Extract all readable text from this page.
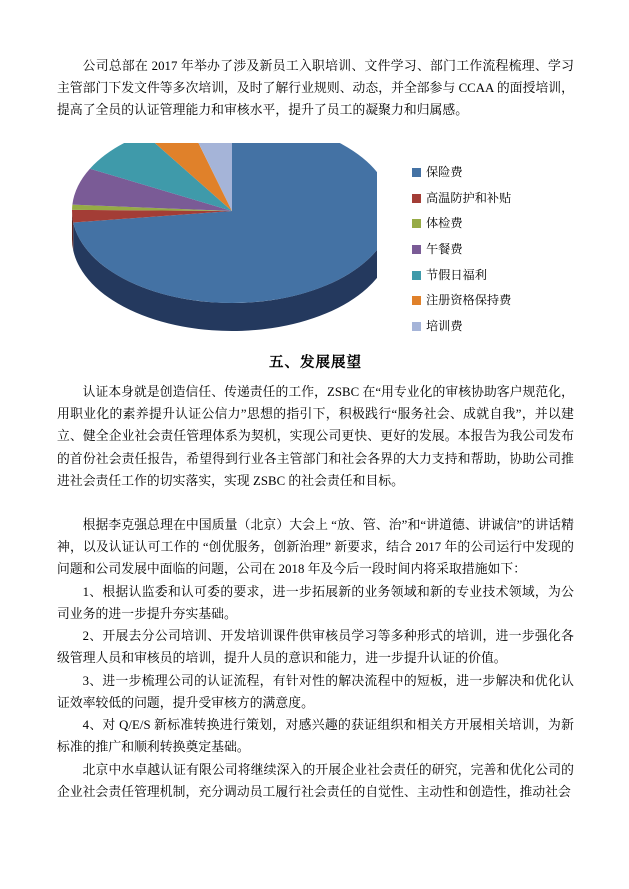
公司总部在 2017 年举办了涉及新员工入职培训、文件学习、部门工作流程梳理、学习主管部门下发文件等多次培训，及时了解行业规则、动态，并全部参与 CCAA 的面授培训，提高了全员的认证管理能力和审核水平，提升了员工的凝聚力和归属感。
保险费
高温防护和补贴
体检费
午餐费
节假日福利
注册资格保持费
培训费
五、发展展望
认证本身就是创造信任、传递责任的工作，ZSBC 在“用专业化的审核协助客户规范化，用职业化的素养提升认证公信力”思想的指引下，积极践行“服务社会、成就自我”，并以建立、健全企业社会责任管理体系为契机，实现公司更快、更好的发展。本报告为我公司发布的首份社会责任报告，希望得到行业各主管部门和社会各界的大力支持和帮助，协助公司推进社会责任工作的切实落实，实现 ZSBC 的社会责任和目标。
根据李克强总理在中国质量（北京）大会上 “放、管、治”和“讲道德、讲诚信”的讲话精神，以及认证认可工作的 “创优服务，创新治理” 新要求，结合 2017 年的公司运行中发现的问题和公司发展中面临的问题，公司在 2018 年及今后一段时间内将采取措施如下：
1、根据认监委和认可委的要求，进一步拓展新的业务领域和新的专业技术领域，为公司业务的进一步提升夯实基础。
2、开展去分公司培训、开发培训课件供审核员学习等多种形式的培训，进一步强化各级管理人员和审核员的培训，提升人员的意识和能力，进一步提升认证的价值。
3、进一步梳理公司的认证流程，有针对性的解决流程中的短板，进一步解决和优化认证效率较低的问题，提升受审核方的满意度。
4、对 Q/E/S 新标准转换进行策划，对感兴趣的获证组织和相关方开展相关培训，为新标准的推广和顺利转换奠定基础。
北京中水卓越认证有限公司将继续深入的开展企业社会责任的研究，完善和优化公司的企业社会责任管理机制，充分调动员工履行社会责任的自觉性、主动性和创造性，推动社会
